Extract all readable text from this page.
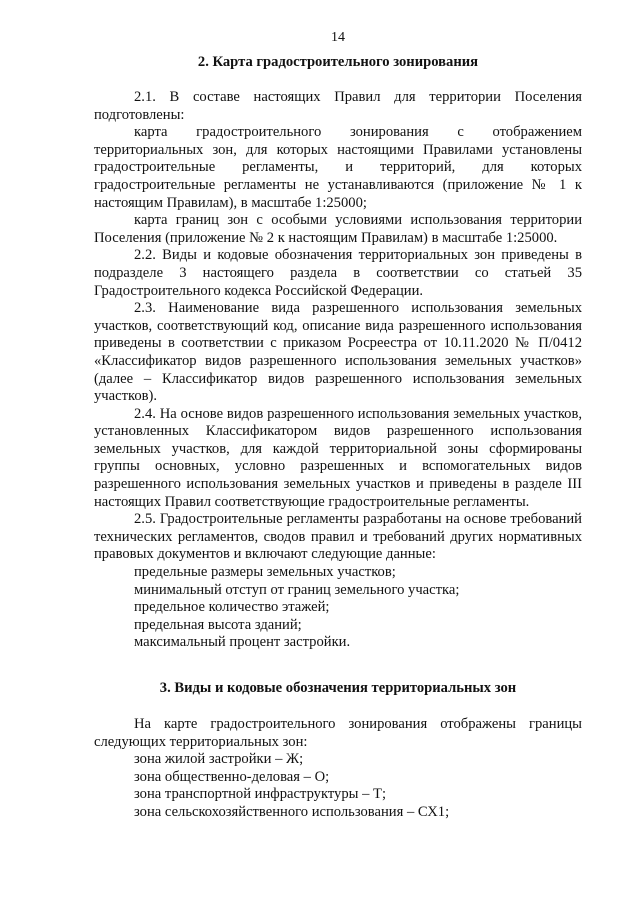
14
2. Карта градостроительного зонирования

2.1. В составе настоящих Правил для территории Поселения подготовлены:

карта градостроительного зонирования с отображением территориальных зон, для которых настоящими Правилами установлены градостроительные регламенты, и территорий, для которых градостроительные регламенты не устанавливаются (приложение № 1 к настоящим Правилам), в масштабе 1:25000;

карта границ зон с особыми условиями использования территории Поселения (приложение № 2 к настоящим Правилам) в масштабе 1:25000.

2.2. Виды и кодовые обозначения территориальных зон приведены в подразделе 3 настоящего раздела в соответствии со статьей 35 Градостроительного кодекса Российской Федерации.

2.3. Наименование вида разрешенного использования земельных участков, соответствующий код, описание вида разрешенного использования приведены в соответствии с приказом Росреестра от 10.11.2020 № П/0412 «Классификатор видов разрешенного использования земельных участков» (далее – Классификатор видов разрешенного использования земельных участков).

2.4. На основе видов разрешенного использования земельных участков, установленных Классификатором видов разрешенного использования земельных участков, для каждой территориальной зоны сформированы группы основных, условно разрешенных и вспомогательных видов разрешенного использования земельных участков и приведены в разделе III настоящих Правил соответствующие градостроительные регламенты.

2.5. Градостроительные регламенты разработаны на основе требований технических регламентов, сводов правил и требований других нормативных правовых документов и включают следующие данные:

предельные размеры земельных участков;

минимальный отступ от границ земельного участка;

предельное количество этажей;

предельная высота зданий;

максимальный процент застройки.

3. Виды и кодовые обозначения территориальных зон

На карте градостроительного зонирования отображены границы следующих территориальных зон:

зона жилой застройки – Ж;

зона общественно-деловая – О;

зона транспортной инфраструктуры – Т;

зона сельскохозяйственного использования – СХ1;
